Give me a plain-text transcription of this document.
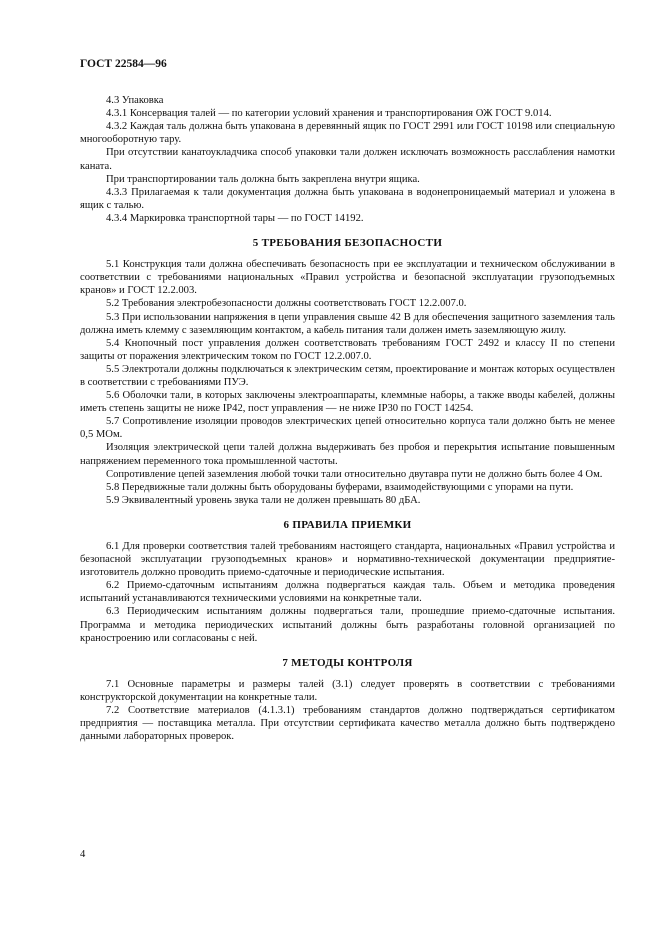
ГОСТ 22584—96

4.3 Упаковка

4.3.1 Консервация талей — по категории условий хранения и транспортирования ОЖ ГОСТ 9.014.

4.3.2 Каждая таль должна быть упакована в деревянный ящик по ГОСТ 2991 или ГОСТ 10198 или специальную многооборотную тару.

При отсутствии канатоукладчика способ упаковки тали должен исключать возможность расслабления намотки каната.

При транспортировании таль должна быть закреплена внутри ящика.

4.3.3 Прилагаемая к тали документация должна быть упакована в водонепроницаемый материал и уложена в ящик с талью.

4.3.4 Маркировка транспортной тары — по ГОСТ 14192.

5 ТРЕБОВАНИЯ БЕЗОПАСНОСТИ

5.1 Конструкция тали должна обеспечивать безопасность при ее эксплуатации и техническом обслуживании в соответствии с требованиями национальных «Правил устройства и безопасной эксплуатации грузоподъемных кранов» и ГОСТ 12.2.003.

5.2 Требования электробезопасности должны соответствовать ГОСТ 12.2.007.0.

5.3 При использовании напряжения в цепи управления свыше 42 В для обеспечения защитного заземления таль должна иметь клемму с заземляющим контактом, а кабель питания тали должен иметь заземляющую жилу.

5.4 Кнопочный пост управления должен соответствовать требованиям ГОСТ 2492 и классу II по степени защиты от поражения электрическим током по ГОСТ 12.2.007.0.

5.5 Электротали должны подключаться к электрическим сетям, проектирование и монтаж которых осуществлен в соответствии с требованиями ПУЭ.

5.6 Оболочки тали, в которых заключены электроаппараты, клеммные наборы, а также вводы кабелей, должны иметь степень защиты не ниже IP42, пост управления — не ниже IP30 по ГОСТ 14254.

5.7 Сопротивление изоляции проводов электрических цепей относительно корпуса тали должно быть не менее 0,5 МОм.

Изоляция электрической цепи талей должна выдерживать без пробоя и перекрытия испытание повышенным напряжением переменного тока промышленной частоты.

Сопротивление цепей заземления любой точки тали относительно двутавра пути не должно быть более 4 Ом.

5.8 Передвижные тали должны быть оборудованы буферами, взаимодействующими с упорами на пути.

5.9 Эквивалентный уровень звука тали не должен превышать 80 дБА.

6 ПРАВИЛА ПРИЕМКИ

6.1 Для проверки соответствия талей требованиям настоящего стандарта, национальных «Правил устройства и безопасной эксплуатации грузоподъемных кранов» и нормативно-технической документации предприятие-изготовитель должно проводить приемо-сдаточные и периодические испытания.

6.2 Приемо-сдаточным испытаниям должна подвергаться каждая таль. Объем и методика проведения испытаний устанавливаются техническими условиями на конкретные тали.

6.3 Периодическим испытаниям должны подвергаться тали, прошедшие приемо-сдаточные испытания. Программа и методика периодических испытаний должны быть разработаны головной организацией по краностроению или согласованы с ней.

7 МЕТОДЫ КОНТРОЛЯ

7.1 Основные параметры и размеры талей (3.1) следует проверять в соответствии с требованиями конструкторской документации на конкретные тали.

7.2 Соответствие материалов (4.1.3.1) требованиям стандартов должно подтверждаться сертификатом предприятия — поставщика металла. При отсутствии сертификата качество металла должно быть подтверждено данными лабораторных проверок.

4
